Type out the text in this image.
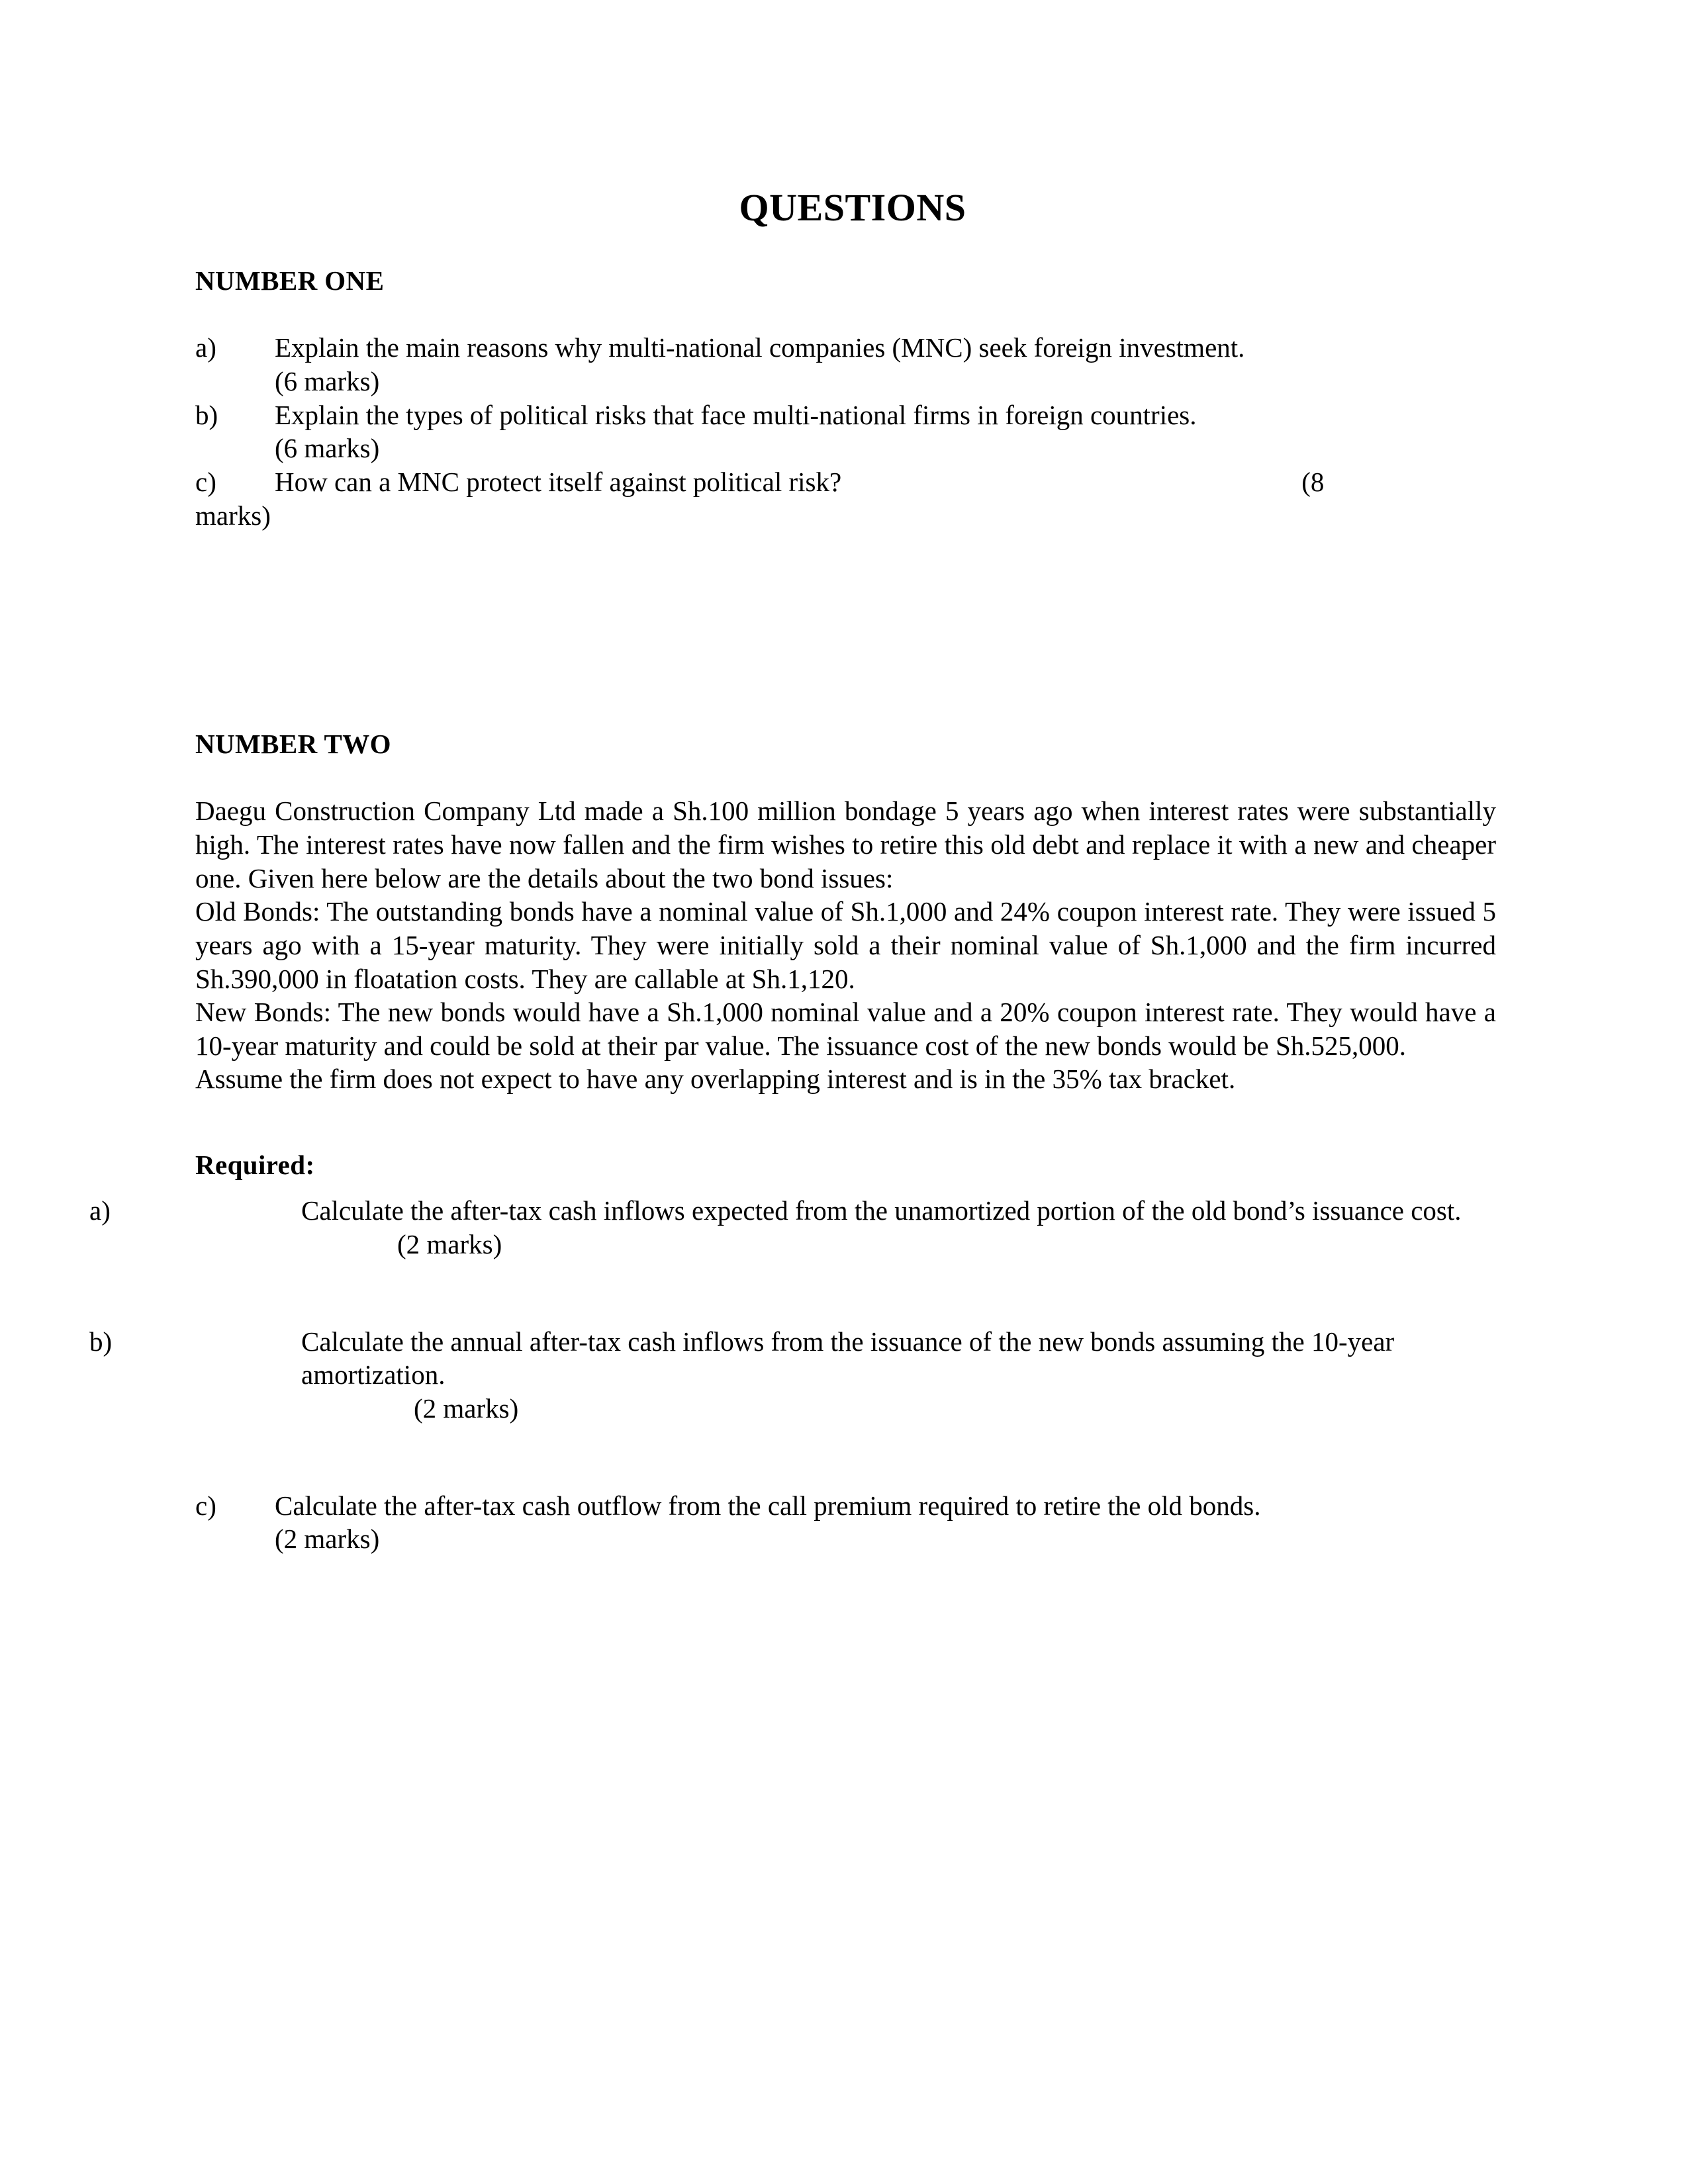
QUESTIONS
NUMBER ONE
a) Explain the main reasons why multi-national companies (MNC) seek foreign investment.
(6 marks)
b) Explain the types of political risks that face multi-national firms in foreign countries.
(6 marks)
c) How can a MNC protect itself against political risk?	(8
marks)
NUMBER TWO
Daegu Construction Company Ltd made a Sh.100 million bondage 5 years ago when interest rates were substantially high. The interest rates have now fallen and the firm wishes to retire this old debt and replace it with a new and cheaper one. Given here below are the details about the two bond issues:
Old Bonds: The outstanding bonds have a nominal value of Sh.1,000 and 24% coupon interest rate. They were issued 5 years ago with a 15-year maturity. They were initially sold a their nominal value of Sh.1,000 and the firm incurred Sh.390,000 in floatation costs. They are callable at Sh.1,120.
New Bonds: The new bonds would have a Sh.1,000 nominal value and a 20% coupon interest rate. They would have a 10-year maturity and could be sold at their par value. The issuance cost of the new bonds would be Sh.525,000.
Assume the firm does not expect to have any overlapping interest and is in the 35% tax bracket.
Required:
a)	Calculate the after-tax cash inflows expected from the unamortized portion of the old bond’s issuance cost.
(2 marks)
b)	Calculate the annual after-tax cash inflows from the issuance of the new bonds assuming the 10-year amortization.
(2 marks)
c) Calculate the after-tax cash outflow from the call premium required to retire the old bonds.
(2 marks)
